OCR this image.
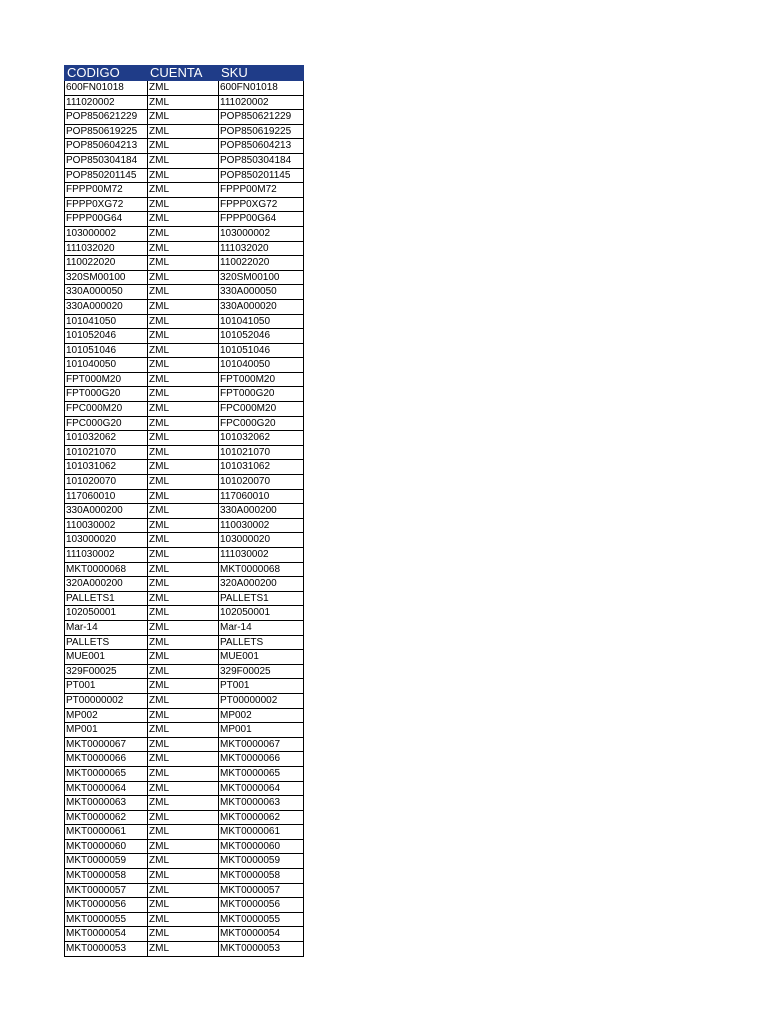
CODIGO	CUENTA	SKU
600FN01018	ZML	600FN01018
111020002	ZML	111020002
POP850621229	ZML	POP850621229
POP850619225	ZML	POP850619225
POP850604213	ZML	POP850604213
POP850304184	ZML	POP850304184
POP850201145	ZML	POP850201145
FPPP00M72	ZML	FPPP00M72
FPPP0XG72	ZML	FPPP0XG72
FPPP00G64	ZML	FPPP00G64
103000002	ZML	103000002
111032020	ZML	111032020
110022020	ZML	110022020
320SM00100	ZML	320SM00100
330A000050	ZML	330A000050
330A000020	ZML	330A000020
101041050	ZML	101041050
101052046	ZML	101052046
101051046	ZML	101051046
101040050	ZML	101040050
FPT000M20	ZML	FPT000M20
FPT000G20	ZML	FPT000G20
FPC000M20	ZML	FPC000M20
FPC000G20	ZML	FPC000G20
101032062	ZML	101032062
101021070	ZML	101021070
101031062	ZML	101031062
101020070	ZML	101020070
117060010	ZML	117060010
330A000200	ZML	330A000200
110030002	ZML	110030002
103000020	ZML	103000020
111030002	ZML	111030002
MKT0000068	ZML	MKT0000068
320A000200	ZML	320A000200
PALLETS1	ZML	PALLETS1
102050001	ZML	102050001
Mar-14	ZML	Mar-14
PALLETS	ZML	PALLETS
MUE001	ZML	MUE001
329F00025	ZML	329F00025
PT001	ZML	PT001
PT00000002	ZML	PT00000002
MP002	ZML	MP002
MP001	ZML	MP001
MKT0000067	ZML	MKT0000067
MKT0000066	ZML	MKT0000066
MKT0000065	ZML	MKT0000065
MKT0000064	ZML	MKT0000064
MKT0000063	ZML	MKT0000063
MKT0000062	ZML	MKT0000062
MKT0000061	ZML	MKT0000061
MKT0000060	ZML	MKT0000060
MKT0000059	ZML	MKT0000059
MKT0000058	ZML	MKT0000058
MKT0000057	ZML	MKT0000057
MKT0000056	ZML	MKT0000056
MKT0000055	ZML	MKT0000055
MKT0000054	ZML	MKT0000054
MKT0000053	ZML	MKT0000053
